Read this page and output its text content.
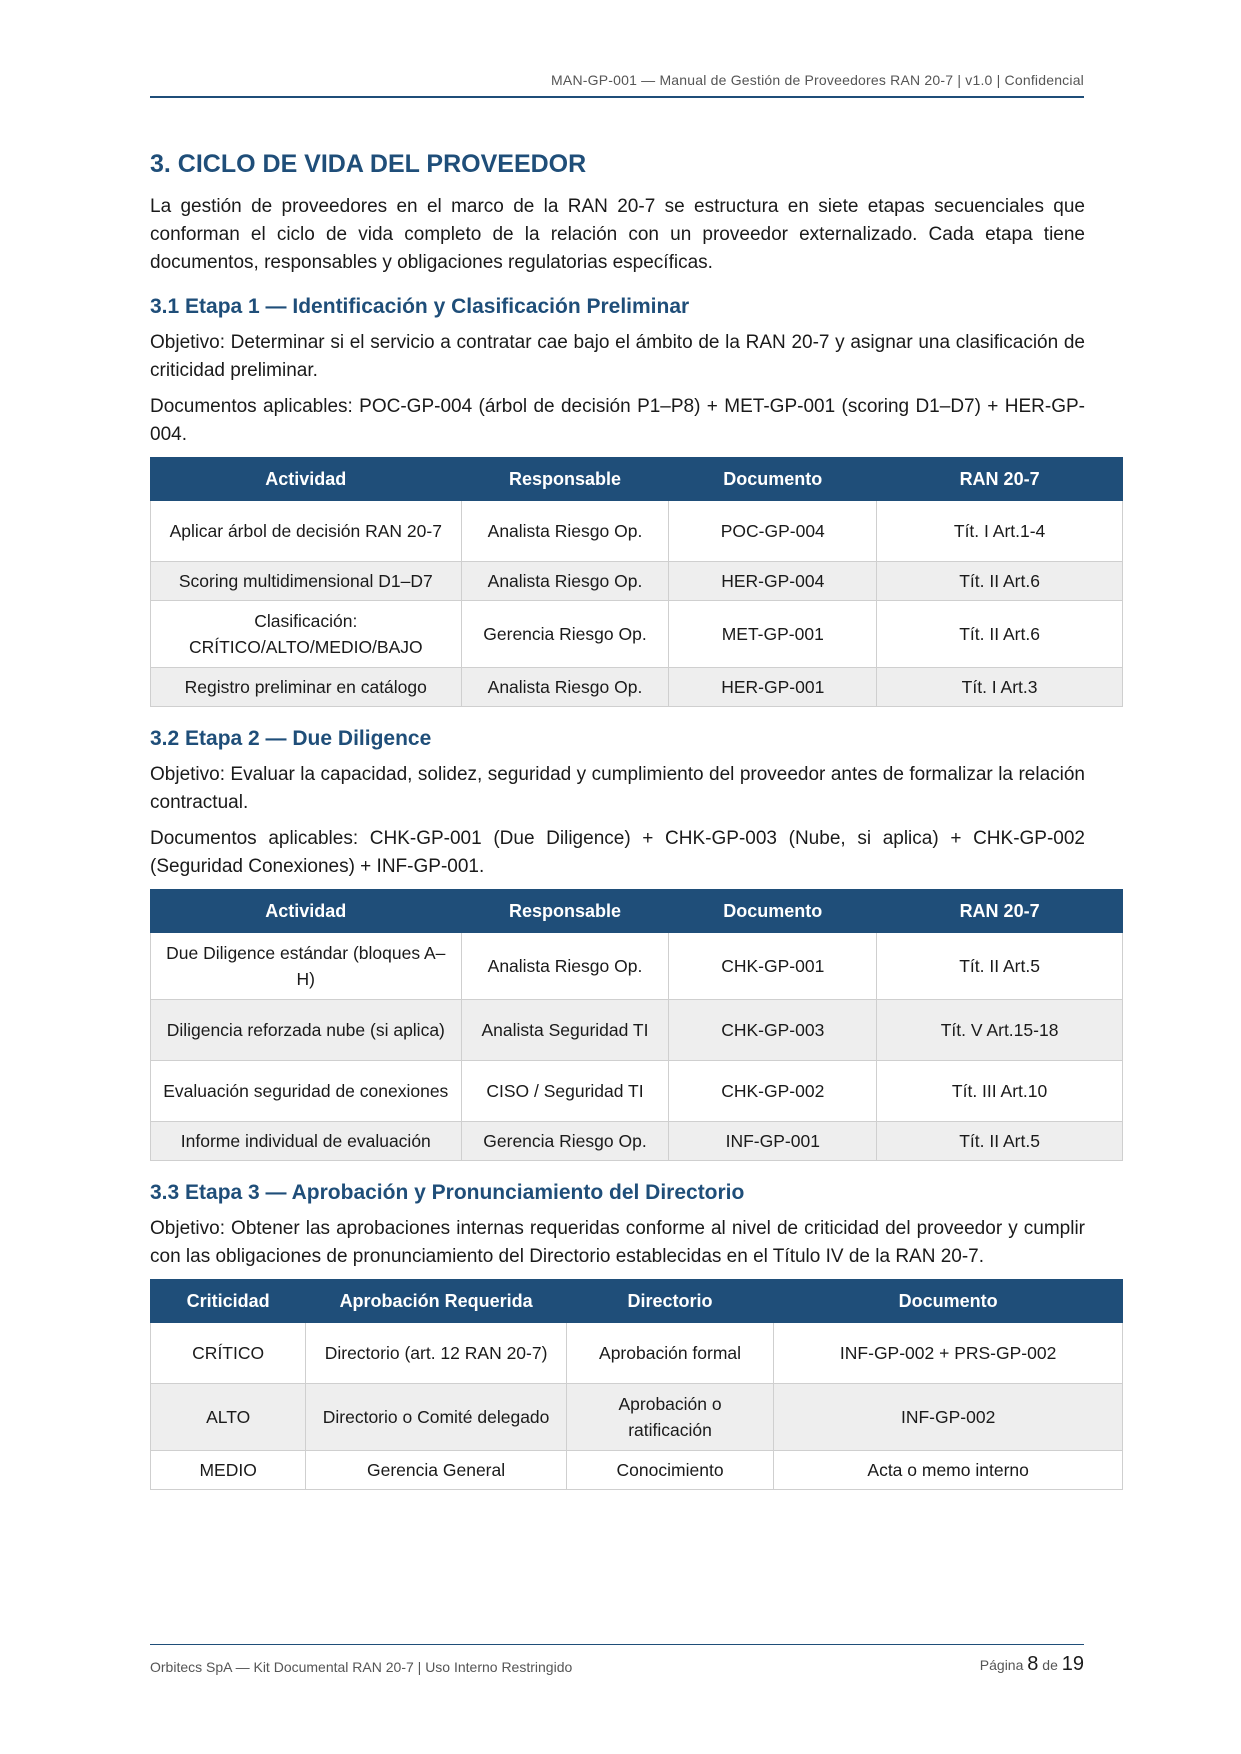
MAN-GP-001 — Manual de Gestión de Proveedores RAN 20-7 | v1.0 | Confidencial
3. CICLO DE VIDA DEL PROVEEDOR

La gestión de proveedores en el marco de la RAN 20-7 se estructura en siete etapas secuenciales que conforman el ciclo de vida completo de la relación con un proveedor externalizado. Cada etapa tiene documentos, responsables y obligaciones regulatorias específicas.

3.1 Etapa 1 — Identificación y Clasificación Preliminar

Objetivo: Determinar si el servicio a contratar cae bajo el ámbito de la RAN 20-7 y asignar una clasificación de criticidad preliminar.

Documentos aplicables: POC-GP-004 (árbol de decisión P1–P8) + MET-GP-001 (scoring D1–D7) + HER-GP-004.

Actividad	Responsable	Documento	RAN 20-7
Aplicar árbol de decisión RAN 20-7	Analista Riesgo Op.	POC-GP-004	Tít. I Art.1-4
Scoring multidimensional D1–D7	Analista Riesgo Op.	HER-GP-004	Tít. II Art.6
Clasificación: CRÍTICO/ALTO/MEDIO/BAJO	Gerencia Riesgo Op.	MET-GP-001	Tít. II Art.6
Registro preliminar en catálogo	Analista Riesgo Op.	HER-GP-001	Tít. I Art.3
3.2 Etapa 2 — Due Diligence

Objetivo: Evaluar la capacidad, solidez, seguridad y cumplimiento del proveedor antes de formalizar la relación contractual.

Documentos aplicables: CHK-GP-001 (Due Diligence) + CHK-GP-003 (Nube, si aplica) + CHK-GP-002 (Seguridad Conexiones) + INF-GP-001.

Actividad	Responsable	Documento	RAN 20-7
Due Diligence estándar (bloques A–H)	Analista Riesgo Op.	CHK-GP-001	Tít. II Art.5
Diligencia reforzada nube (si aplica)	Analista Seguridad TI	CHK-GP-003	Tít. V Art.15-18
Evaluación seguridad de conexiones	CISO / Seguridad TI	CHK-GP-002	Tít. III Art.10
Informe individual de evaluación	Gerencia Riesgo Op.	INF-GP-001	Tít. II Art.5
3.3 Etapa 3 — Aprobación y Pronunciamiento del Directorio

Objetivo: Obtener las aprobaciones internas requeridas conforme al nivel de criticidad del proveedor y cumplir con las obligaciones de pronunciamiento del Directorio establecidas en el Título IV de la RAN 20-7.

Criticidad	Aprobación Requerida	Directorio	Documento
CRÍTICO	Directorio (art. 12 RAN 20-7)	Aprobación formal	INF-GP-002 + PRS-GP-002
ALTO	Directorio o Comité delegado	Aprobación o ratificación	INF-GP-002
MEDIO	Gerencia General	Conocimiento	Acta o memo interno
Orbitecs SpA — Kit Documental RAN 20-7 | Uso Interno Restringido	Página 8 de 19
